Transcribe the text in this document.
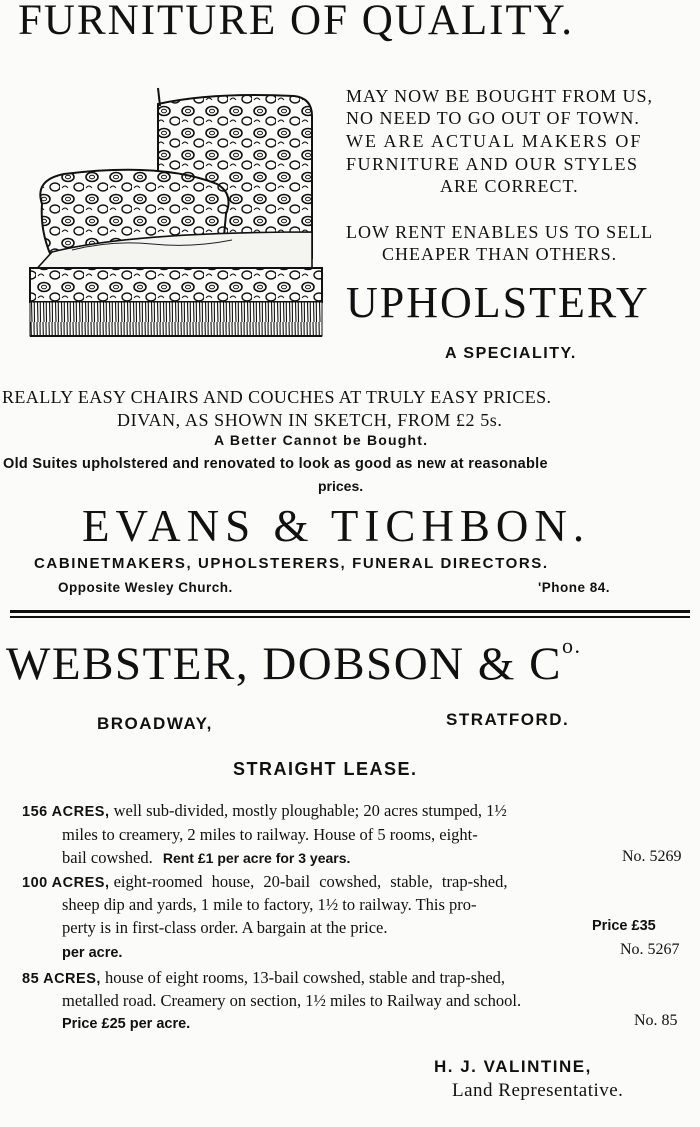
FURNITURE OF QUALITY.
MAY NOW BE BOUGHT FROM US,
NO NEED TO GO OUT OF TOWN.
WE ARE ACTUAL MAKERS OF
FURNITURE AND OUR STYLES
ARE CORRECT.
LOW RENT ENABLES US TO SELL
CHEAPER THAN OTHERS.
UPHOLSTERY
A SPECIALITY.
REALLY EASY CHAIRS AND COUCHES AT TRULY EASY PRICES.
DIVAN, AS SHOWN IN SKETCH, FROM £2 5s.
A Better Cannot be Bought.
Old Suites upholstered and renovated to look as good as new at reasonable
prices.
EVANS & TICHBON.
CABINETMAKERS, UPHOLSTERERS, FUNERAL DIRECTORS.
Opposite Wesley Church.	'Phone 84.
WEBSTER, DOBSON & $C^{o.}$
BROADWAY,	STRATFORD.
STRAIGHT LEASE.
156 ACRES, well sub-divided, mostly ploughable; 20 acres stumped, 1½
miles to creamery, 2 miles to railway. House of 5 rooms, eight-
bail cowshed. Rent £1 per acre for 3 years.	No. 5269
100 ACRES, eight-roomed house, 20-bail cowshed, stable, trap-shed,
sheep dip and yards, 1 mile to factory, 1½ to railway. This pro-
perty is in first-class order. A bargain at the price.	Price £35
per acre.	No. 5267
85 ACRES, house of eight rooms, 13-bail cowshed, stable and trap-shed,
metalled road. Creamery on section, 1½ miles to Railway and school.
Price £25 per acre.	No. 85
H. J. VALINTINE,
Land Representative.
